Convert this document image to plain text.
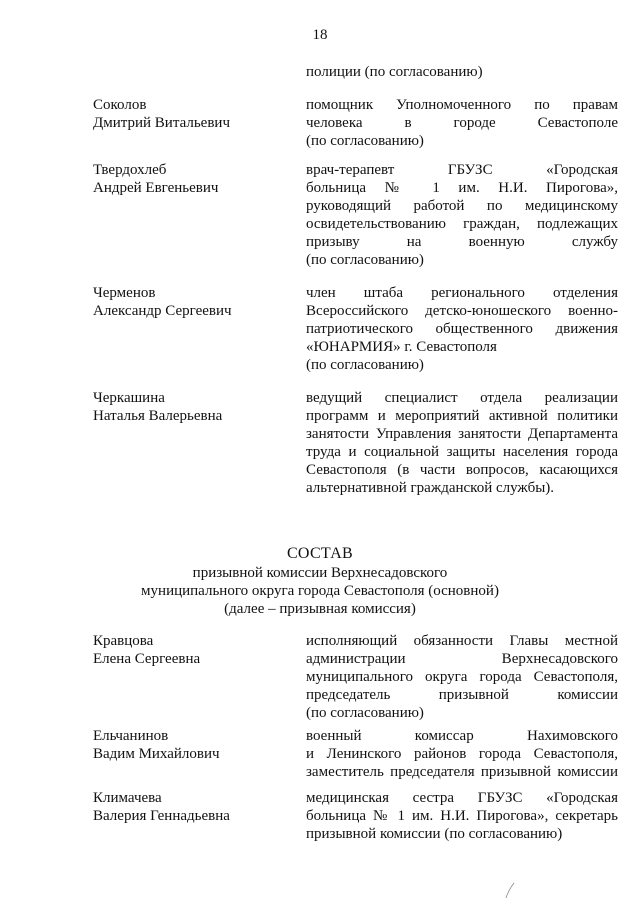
18
полиции (по согласованию)
Соколов
Дмитрий Витальевич
помощник Уполномоченного по правам
человека в городе Севастополе
(по согласованию)
Твердохлеб
Андрей Евгеньевич
врач-терапевт ГБУЗС «Городская
больница № 1 им. Н.И. Пирогова»,
руководящий работой по медицинскому
освидетельствованию граждан, подлежащих
призыву на военную службу
(по согласованию)
Черменов
Александр Сергеевич
член штаба регионального отделения
Всероссийского детско-юношеского военно-
патриотического общественного движения
«ЮНАРМИЯ» г. Севастополя
(по согласованию)
Черкашина
Наталья Валерьевна
ведущий специалист отдела реализации
программ и мероприятий активной политики
занятости Управления занятости Департамента
труда и социальной защиты населения города
Севастополя (в части вопросов, касающихся
альтернативной гражданской службы).
СОСТАВ
призывной комиссии Верхнесадовского
муниципального округа города Севастополя (основной)
(далее – призывная комиссия)
Кравцова
Елена Сергеевна
исполняющий обязанности Главы местной
администрации Верхнесадовского
муниципального округа города Севастополя,
председатель призывной комиссии
(по согласованию)
Ельчанинов
Вадим Михайлович
военный комиссар Нахимовского
и Ленинского районов города Севастополя,
заместитель председателя призывной комиссии
Климачева
Валерия Геннадьевна
медицинская сестра ГБУЗС «Городская
больница № 1 им. Н.И. Пирогова», секретарь
призывной комиссии (по согласованию)
